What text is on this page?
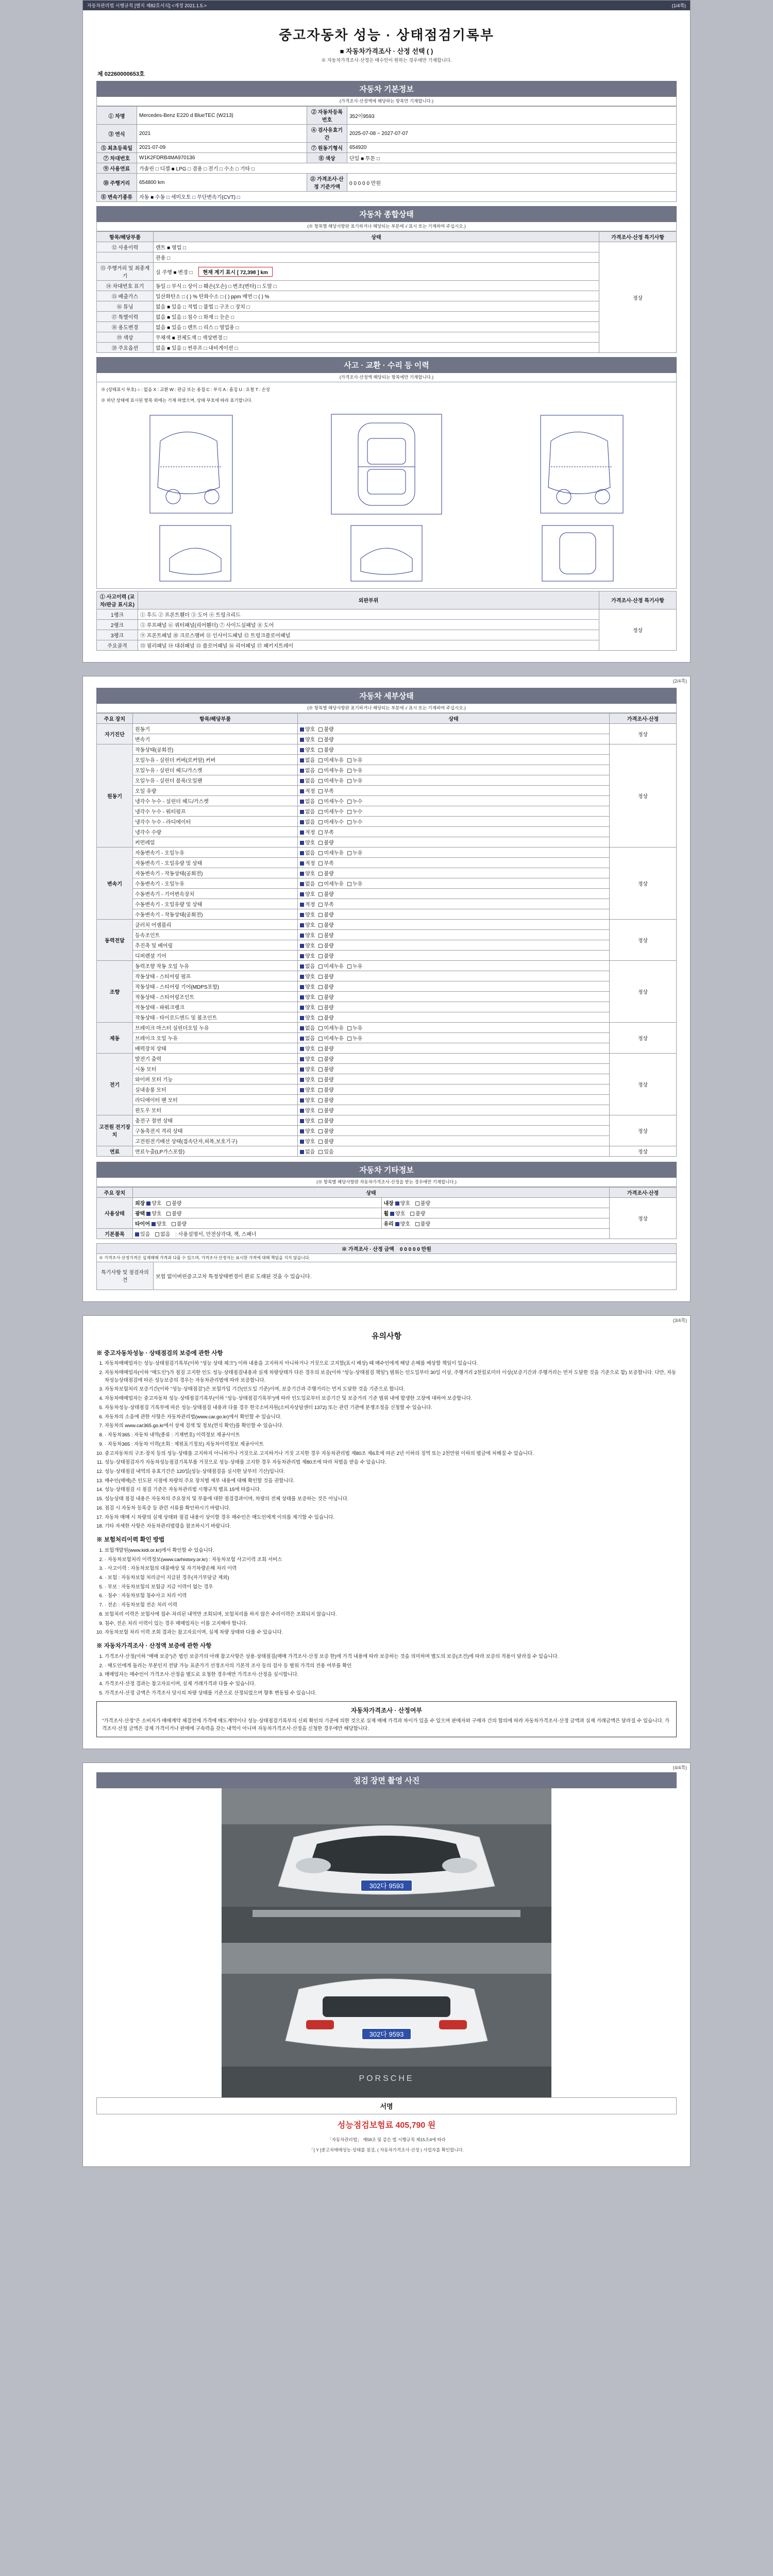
자동차관리법 시행규칙 [별지 제82호서식] <개정 2021.1.5.>	(1/4쪽)
중고자동차 성능 · 상태점검기록부
■ 자동차가격조사 · 산정 선택 ( )
※ 자동차가격조사·산정은 매수인이 원하는 경우에만 기재합니다.
제 02260000653호
자동차 기본정보
(가격조사·산정액에 해당하는 항목만 기재합니다.)
① 차명	Mercedes-Benz E220 d BlueTEC (W213)	② 자동차등록번호	352이9593
③ 연식	2021	④ 검사유효기간	2025-07-08 ~ 2027-07-07
⑤ 최초등록일	2021-07-09	⑦ 원동기형식	654920
⑦ 차대번호	W1K2FDRB4MA970136	⑧ 색상	단일 ■ 투톤 □
⑨ 사용연료	가솔린 □ 디젤 ■ LPG □ 겸용 □ 전기 □ 수소 □ 기타 □		
⑩ 주행거리	654800 km	⑪ 가격조사·산정 기준가액	0 0 0 0 0 만원
⑧ 변속기종류	자동 ■ 수동 □ 세미오토 □ 무단변속기(CVT) □		
자동차 종합상태
(※ 항목별 해당사항란 표기하거나 해당되는 부분에 √ 표시 또는 기재하여 주십시오.)
항목/해당부품	상태	가격조사·산정 특기사항
⑫ 사용이력	렌트 ■ 영업 □	정상
	관용 □	
⑬ 주행거리 및 최종계기	실 주행 ■ 변경 □ 현재 계기 표시 [ 72,398 ] km	
⑭ 차대번호 표기	동일 □ 부식 □ 상이 □ 훼손(오손) □ 변조(변타) □ 도말 □	
⑮ 배출가스	일산화탄소 □ ( ) % 탄화수소 □ ( ) ppm 매연 □ ( ) %	
⑯ 튜닝	없음 ■ 있음 □ 적법 □ 불법 □ 구조 □ 장치 □	
⑰ 특별이력	없음 ■ 있음 □ 침수 □ 화재 □ 全손 □	
⑱ 용도변경	없음 ■ 있음 □ 렌트 □ 리스 □ 영업용 □	
⑲ 색상	무채색 ■ 전체도색 □ 색상변경 □	
⑳ 주요옵션	없음 ■ 있음 □ 썬루프 □ 내비게이션 □	
사고 · 교환 · 수리 등 이력
(가격조사·산정액 해당되는 항목에만 기재합니다.)
※ (상태표시 부호) ○ : 없음 X : 교환 W : 판금 또는 용접 C : 부식 A : 흠집 U : 요철 T : 손상
※ 하단 상태에 표시된 항목 외에는 기재 하였으며, 상태 부호에 따라 표기합니다.
① 사고이력 (교차/판금 표시요)	외판부위	가격조사·산정 특기사항
1랭크	① 후드 ② 프론트휀더 ③ 도어 ④ 트렁크리드	정상
2랭크	⑤ 루프패널 ⑥ 쿼터패널(리어휀더) ⑦ 사이드실패널 ⑧ 도어	
3랭크	⑨ 프론트패널 ⑩ 크로스멤버 ⑪ 인사이드패널 ⑫ 트렁크플로어패널	
주요골격	⑬ 필러패널 ⑭ 대쉬패널 ⑮ 플로어패널 ⑯ 리어패널 ⑰ 패키지트레이	
(2/4쪽)
자동차 세부상태
(※ 항목별 해당사항란 표기하거나 해당되는 부분에 √ 표시 또는 기재하여 주십시오.)
주요 장치	항목/해당부품	상태	가격조사·산정
자기진단	원동기	양호 불량	정상
	변속기	양호 불량	
원동기	작동상태(공회전)	양호 불량	정상
	오일누유 - 실린더 커버(로커암) 커버	없음 미세누유 누유	
	오일누유 - 실린더 헤드/가스켓	없음 미세누유 누유	
	오일누유 - 실린더 블록/오일팬	없음 미세누유 누유	
	오일 유량	적정 부족	
	냉각수 누수 - 실린더 헤드/가스켓	없음 미세누수 누수	
	냉각수 누수 - 워터펌프	없음 미세누수 누수	
	냉각수 누수 - 라디에이터	없음 미세누수 누수	
	냉각수 수량	적정 부족	
	커먼레일	양호 불량	
변속기	자동변속기 - 오일누유	없음 미세누유 누유	정상
	자동변속기 - 오일유량 및 상태	적정 부족	
	자동변속기 - 작동상태(공회전)	양호 불량	
	수동변속기 - 오일누유	없음 미세누유 누유	
	수동변속기 - 기어변속장치	양호 불량	
	수동변속기 - 오일유량 및 상태	적정 부족	
	수동변속기 - 작동상태(공회전)	양호 불량	
동력전달	클러치 어셈블리	양호 불량	정상
	등속조인트	양호 불량	
	추진축 및 베어링	양호 불량	
	디퍼렌셜 기어	양호 불량	
조향	동력조향 작동 오일 누유	없음 미세누유 누유	정상
	작동상태 - 스티어링 펌프	양호 불량	
	작동상태 - 스티어링 기어(MDPS포함)	양호 불량	
	작동상태 - 스티어링조인트	양호 불량	
	작동상태 - 파워크랭크	양호 불량	
	작동상태 - 타이로드엔드 및 볼조인트	양호 불량	
제동	브레이크 마스터 실린더오일 누유	없음 미세누유 누유	정상
	브레이크 오일 누유	없음 미세누유 누유	
	배력장치 상태	양호 불량	
전기	발전기 출력	양호 불량	정상
	시동 모터	양호 불량	
	와이퍼 모터 기능	양호 불량	
	실내송풍 모터	양호 불량	
	라디에이터 팬 모터	양호 불량	
	윈도우 모터	양호 불량	
고전원 전기장치	충전구 절연 상태	양호 불량	정상
	구동축전지 격리 상태	양호 불량	
	고전원전기배선 상태(접속단자,피복,보호기구)	양호 불량	
연료	연료누출(LP가스포함)	없음 있음	정상
자동차 기타정보
(※ 항목별 해당사항란 자동차가격조사·산정을 받는 경우에만 기재합니다.)
주요 장치	상태		가격조사·산정
사용상태	외장 양호 불량	내장 양호 불량	정상
	광택 양호 불량	휠 양호 불량	
	타이어 양호 불량	유리 양호 불량	
기본품목	있음 없음 : 사용설명서, 안전삼각대, 잭, 스패너		
※ 가격조사 · 산정 금액 0 0 0 0 0 만원
※ 가격조사·산정가격은 실제매매 가격과 다를 수 있으며, 가격조사·산정자는 표시한 가격에 대해 책임을 지지 않습니다.
특기사항 및 점검자의견	보험 없이버린증고고차 특정상태변경이 완료 도래된 것을 수 있습니다.
(3/4쪽)
유의사항
※ 중고자동차성능 · 상태점검의 보증에 관한 사항
1. 자동차매매업자는 성능·상태점검기록부(이하 "성능 상태 체크") 이하 내용을 고지하지 아니하거나 거짓으로 고지할(표시 배상) 때 매수인에게 해당 손해를 배상할 책임이 있습니다.
2. 자동차매매업자(이하 "매도인")가 점검 고지한 인도 성능·상태점검내용과 실제 차량상태가 다른 경우의 보증(이하 "성능·상태점검 책임") 범위는 인도일부터 30일 이상, 주행거리 2천킬로미터 이상(보증기간과 주행거리는 먼저 도달한 것을 기준으로 함) 보증합니다. 다만, 자동차성능상태점검에 따른 성능보증의 경우는 자동차관리법에 따라 보증합니다.
3. 자동차보험처리 보증기간(이하 "성능·상태점검")은 보험가입 기간(인도일 기준)이며, 보증기간과 주행거리는 먼저 도달한 것을 기준으로 합니다.
4. 자동차매매업자는 중고자동차 성능·상태점검기록부(이하 "성능·상태점검기록부")에 따라 인도일로부터 보증기간 및 보증거리 기준 범위 내에 발생한 고장에 대하여 보증합니다.
5. 자동차성능·상태점검 기록부에 따른 성능·상태점검 내용과 다를 경우 한국소비자원(소비자상담센터 1372) 또는 관련 기관에 분쟁조정을 신청할 수 있습니다.
6. 자동차의 소음에 관한 사항은 자동차관리법(www.car.go.kr)에서 확인할 수 있습니다.
7. 자동차의 www.car365.go.kr에서 상세 검색 및 정보(연식 확인)를 확인할 수 있습니다.
8. · 자동차365 : 자동차 내역(종류 : 기재번호) 이력정보 제공사이트
9. · 자동차365 : 자동차 이력(조회 : 제원표기정보) 자동차이력정보 제공사이트
10. 중고자동차의 구조·장치 등의 성능·상태를 고지하지 아니하거나 거짓으로 고지하거나 거짓 고지한 경우 자동차관리법 제80조 제6호에 따른 2년 이하의 징역 또는 2천만원 이하의 벌금에 처해질 수 있습니다.
11. 성능·상태점검자가 자동차성능점검기록부를 거짓으로 성능·상태를 고지한 경우 자동차관리법 제80조에 따라 처벌을 받을 수 있습니다.
12. 성능·상태점검 내역의 유효기간은 120일(성능·상태점검을 실시한 날부터 기산)입니다.
13. 매수인(매매)은 인도된 시점에 차량의 주요 장치별 세부 내용에 대해 확인할 것을 권합니다.
14. 성능·상태점검 시 점검 기준은 자동차관리법 시행규칙 별표 15에 따릅니다.
15. 성능상태 점검 내용은 자동차의 주요장치 및 부품에 대한 점검결과이며, 차량의 전체 상태를 보증하는 것은 아닙니다.
16. 점검 시 자동차 등록증 등 관련 서류를 확인하시기 바랍니다.
17. 자동차 매매 시 차량의 실제 상태와 점검 내용이 상이할 경우 매수인은 매도인에게 이의를 제기할 수 있습니다.
18. 기타 자세한 사항은 자동차관리법령을 참조하시기 바랍니다.
※ 보험처리이력 확인 방법
1. 보험개발원(www.kidi.or.kr)에서 확인할 수 있습니다.
2. · 자동차보험처리 이력정보(www.carhistory.or.kr) : 자동차보험 사고이력 조회 서비스
3. · 사고이력 : 자동차보험의 대물배상 및 자기차량손해 처리 이력
4. · 보험 : 자동차보험 처리금이 지급된 경우(자기부담금 제외)
5. · 부보 : 자동차보험의 보험금 지급 이력이 없는 경우
6. · 침수 : 자동차보험 침수사고 처리 이력
7. · 전손 : 자동차보험 전손 처리 이력
8. 보험처리 이력은 보험사에 접수·처리된 내역만 조회되며, 보험처리를 하지 않은 수리이력은 조회되지 않습니다.
9. 침수, 전손 처리 이력이 있는 경우 매매업자는 이를 고지해야 합니다.
10. 자동차보험 처리 이력 조회 결과는 참고자료이며, 실제 차량 상태와 다를 수 있습니다.
※ 자동차가격조사 · 산정액 보증에 관한 사항
1. 가격조사·산정(이하 "매매 보증")은 법인 보증가의 아래 참고사항은 상용·상태점검(매매 가격조사·산정 보증 한)에 가격 내용에 따라 보증하는 것을 의미하며 별도의 보증(조건)에 따라 보증의 적용이 달라질 수 있습니다.
2. · 매도인에게 돌리는 부분인지 전달 가능 표준가기 선정조사의 기본적 조사 등의 검사 등 범위 가격의 전용 여부를 확인
3. 매매업자는 매수인이 가격조사·산정을 별도로 요청한 경우에만 가격조사·산정을 실시합니다.
4. 가격조사·산정 결과는 참고자료이며, 실제 거래가격과 다를 수 있습니다.
5. 가격조사·산정 금액은 가격조사 당시의 차량 상태를 기준으로 산정되었으며 향후 변동될 수 있습니다.
자동차가격조사 · 산정여부
"가격조사·산정"은 소비자가 매매계약 체결전에 가격에 매도계약이나 성능·상태점검기록부의 신뢰 확인의 기준에 의한 것으로 실제 매매 가격과 차이가 있을 수 있으며 판매자와 구매자 간의 합의에 따라 자동차가격조사·산정 금액과 실제 거래금액은 달라질 수 있습니다. 가격조사·산정 금액은 강제 가격이거나 판매에 구속력을 갖는 내역이 아니며 자동차가격조사·산정을 신청한 경우에만 해당합니다.
(4/4쪽)
점검 장면 촬영 사진
302다 9593
302다 9593
PORSCHE
서명
성능점검보험료 405,790 원
「자동차관리법」 제58조 및 같은 법 시행규칙 제15조4에 따라
「[ Y ]중고차매매성능·상태를 점검, ( 자동차가격조사·산정 ) 사업자를 확인합니다.
